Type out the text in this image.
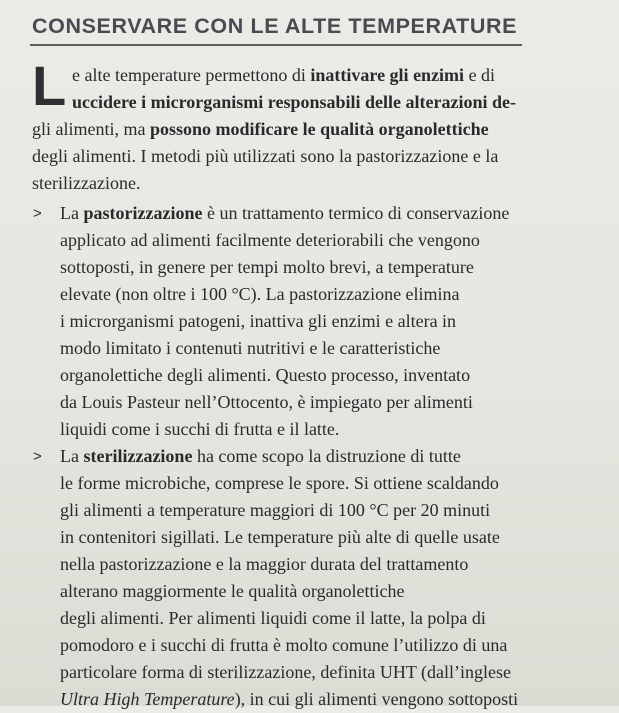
CONSERVARE CON LE ALTE TEMPERATURE
L e alte temperature permettono di inattivare gli enzimi e di
uccidere i microrganismi responsabili delle alterazioni de-
gli alimenti, ma possono modificare le qualità organolettiche
degli alimenti. I metodi più utilizzati sono la pastorizzazione e la
sterilizzazione.
> La pastorizzazione è un trattamento termico di conservazione
applicato ad alimenti facilmente deteriorabili che vengono
sottoposti, in genere per tempi molto brevi, a temperature
elevate (non oltre i 100 °C). La pastorizzazione elimina
i microrganismi patogeni, inattiva gli enzimi e altera in
modo limitato i contenuti nutritivi e le caratteristiche
organolettiche degli alimenti. Questo processo, inventato
da Louis Pasteur nell’Ottocento, è impiegato per alimenti
liquidi come i succhi di frutta e il latte.
> La sterilizzazione ha come scopo la distruzione di tutte
le forme microbiche, comprese le spore. Si ottiene scaldando
gli alimenti a temperature maggiori di 100 °C per 20 minuti
in contenitori sigillati. Le temperature più alte di quelle usate
nella pastorizzazione e la maggior durata del trattamento
alterano maggiormente le qualità organolettiche
degli alimenti. Per alimenti liquidi come il latte, la polpa di
pomodoro e i succhi di frutta è molto comune l’utilizzo di una
particolare forma di sterilizzazione, definita UHT (dall’inglese
Ultra High Temperature), in cui gli alimenti vengono sottoposti
